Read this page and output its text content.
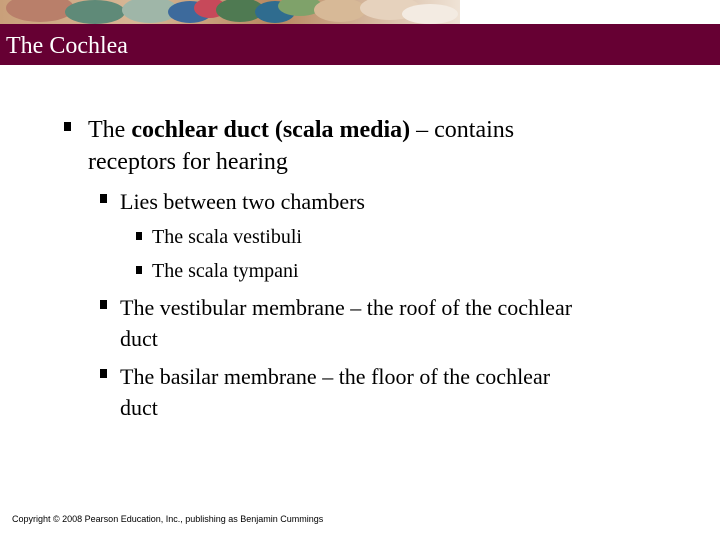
The Cochlea
The cochlear duct (scala media) – contains
receptors for hearing
Lies between two chambers
The scala vestibuli
The scala tympani
The vestibular membrane – the roof of the cochlear
duct
The basilar membrane – the floor of the cochlear
duct
Copyright © 2008 Pearson Education, Inc., publishing as Benjamin Cummings
